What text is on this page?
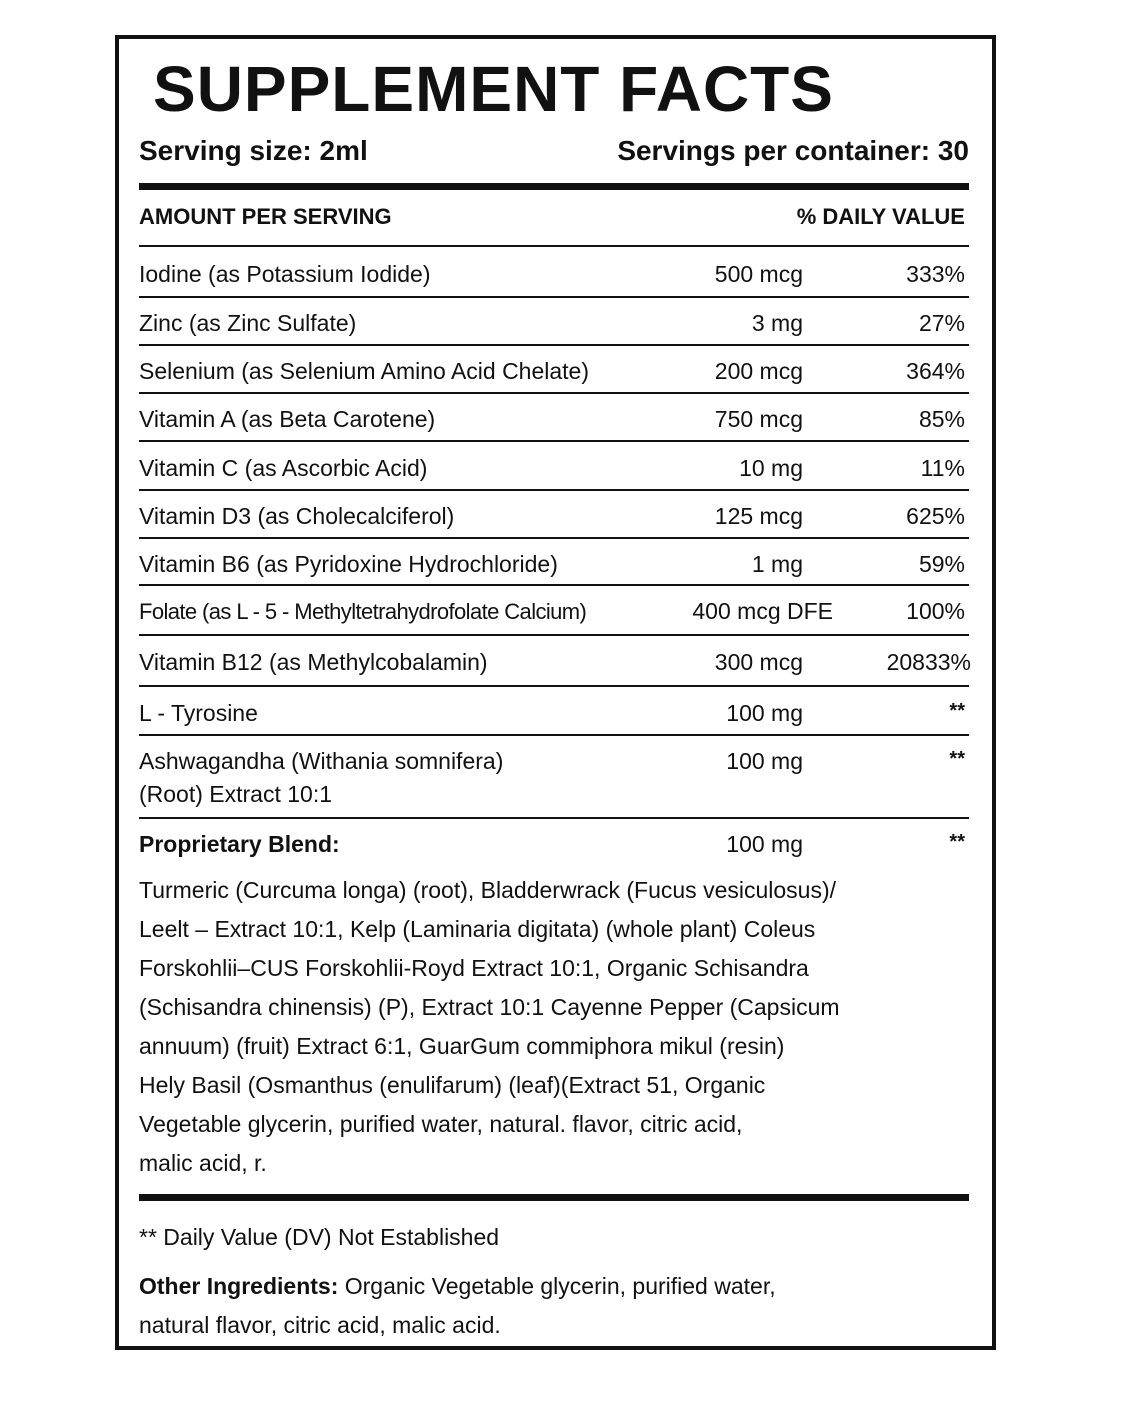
SUPPLEMENT FACTS
Serving size: 2ml	Servings per container: 30
AMOUNT PER SERVING	% DAILY VALUE
Iodine (as Potassium Iodide)	500 mcg	333%
Zinc (as Zinc Sulfate)	3 mg	27%
Selenium (as Selenium Amino Acid Chelate)	200 mcg	364%
Vitamin A (as Beta Carotene)	750 mcg	85%
Vitamin C (as Ascorbic Acid)	10 mg	11%
Vitamin D3 (as Cholecalciferol)	125 mcg	625%
Vitamin B6 (as Pyridoxine Hydrochloride)	1 mg	59%
Folate (as L - 5 - Methyltetrahydrofolate Calcium)	400 mcg DFE	100%
Vitamin B12 (as Methylcobalamin)	300 mcg	20833%
L - Tyrosine	100 mg	**
Ashwagandha (Withania somnifera)
(Root) Extract 10:1
100 mg	**
Proprietary Blend:	100 mg	**
Turmeric (Curcuma longa) (root), Bladderwrack (Fucus vesiculosus)/
Leelt – Extract 10:1, Kelp (Laminaria digitata) (whole plant) Coleus
Forskohlii–CUS Forskohlii-Royd Extract 10:1, Organic Schisandra
(Schisandra chinensis) (P), Extract 10:1 Cayenne Pepper (Capsicum
annuum) (fruit) Extract 6:1, GuarGum commiphora mikul (resin)
Hely Basil (Osmanthus (enulifarum) (leaf)(Extract 51, Organic
Vegetable glycerin, purified water, natural. flavor, citric acid,
malic acid, r.
** Daily Value (DV) Not Established
Other Ingredients: Organic Vegetable glycerin, purified water,
natural flavor, citric acid, malic acid.
